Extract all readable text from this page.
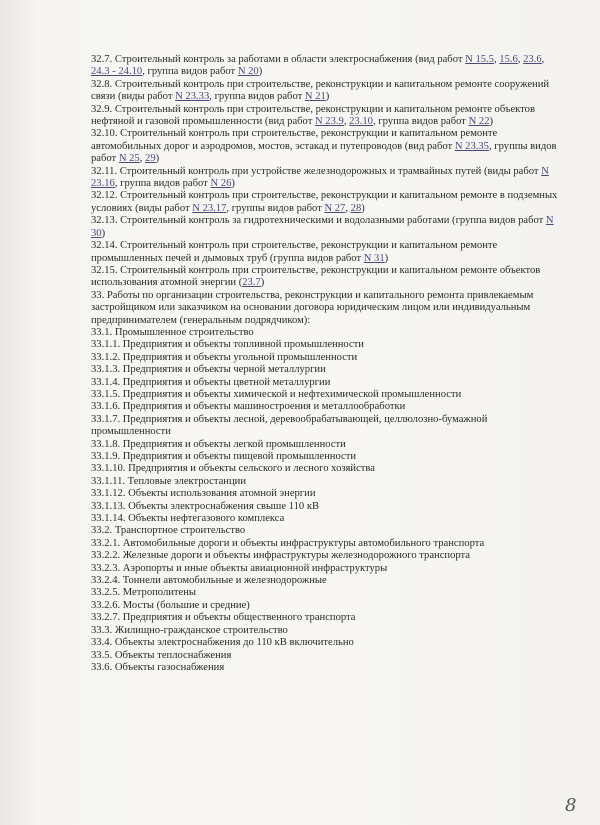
32.7. Строительный контроль за работами в области электроснабжения (вид работ N 15.5, 15.6, 23.6, 24.3 - 24.10, группа видов работ N 20)

32.8. Строительный контроль при строительстве, реконструкции и капитальном ремонте сооружений связи (виды работ N 23.33, группа видов работ N 21)

32.9. Строительный контроль при строительстве, реконструкции и капитальном ремонте объектов нефтяной и газовой промышленности (вид работ N 23.9, 23.10, группа видов работ N 22)

32.10. Строительный контроль при строительстве, реконструкции и капитальном ремонте автомобильных дорог и аэродромов, мостов, эстакад и путепроводов (вид работ N 23.35, группы видов работ N 25, 29)

32.11. Строительный контроль при устройстве железнодорожных и трамвайных путей (виды работ N 23.16, группа видов работ N 26)

32.12. Строительный контроль при строительстве, реконструкции и капитальном ремонте в подземных условиях (виды работ N 23.17, группы видов работ N 27, 28)

32.13. Строительный контроль за гидротехническими и водолазными работами (группа видов работ N 30)

32.14. Строительный контроль при строительстве, реконструкции и капитальном ремонте промышленных печей и дымовых труб (группа видов работ N 31)

32.15. Строительный контроль при строительстве, реконструкции и капитальном ремонте объектов использования атомной энергии (23.7)

33. Работы по организации строительства, реконструкции и капитального ремонта привлекаемым застройщиком или заказчиком на основании договора юридическим лицом или индивидуальным предпринимателем (генеральным подрядчиком):

33.1. Промышленное строительство

33.1.1. Предприятия и объекты топливной промышленности

33.1.2. Предприятия и объекты угольной промышленности

33.1.3. Предприятия и объекты черной металлургии

33.1.4. Предприятия и объекты цветной металлургии

33.1.5. Предприятия и объекты химической и нефтехимической промышленности

33.1.6. Предприятия и объекты машиностроения и металлообработки

33.1.7. Предприятия и объекты лесной, деревообрабатывающей, целлюлозно-бумажной промышленности

33.1.8. Предприятия и объекты легкой промышленности

33.1.9. Предприятия и объекты пищевой промышленности

33.1.10. Предприятия и объекты сельского и лесного хозяйства

33.1.11. Тепловые электростанции

33.1.12. Объекты использования атомной энергии

33.1.13. Объекты электроснабжения свыше 110 кВ

33.1.14. Объекты нефтегазового комплекса

33.2. Транспортное строительство

33.2.1. Автомобильные дороги и объекты инфраструктуры автомобильного транспорта

33.2.2. Железные дороги и объекты инфраструктуры железнодорожного транспорта

33.2.3. Аэропорты и иные объекты авиационной инфраструктуры

33.2.4. Тоннели автомобильные и железнодорожные

33.2.5. Метрополитены

33.2.6. Мосты (большие и средние)

33.2.7. Предприятия и объекты общественного транспорта

33.3. Жилищно-гражданское строительство

33.4. Объекты электроснабжения до 110 кВ включительно

33.5. Объекты теплоснабжения

33.6. Объекты газоснабжения

8
